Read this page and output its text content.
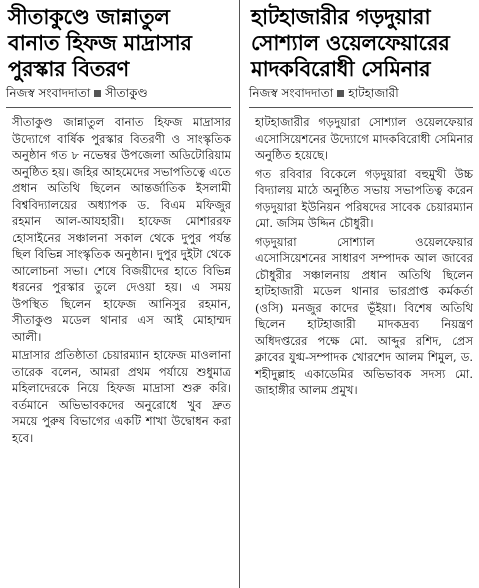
সীতাকুণ্ডে জান্নাতুল
বানাত হিফজ মাদ্রাসার
পুরস্কার বিতরণ
নিজস্ব সংবাদদাতা সীতাকুণ্ড

সীতাকুণ্ড জান্নাতুল বানাত হিফজ মাদ্রাসার উদ্যোগে বার্ষিক পুরস্কার বিতরণী ও সাংস্কৃতিক অনুষ্ঠান গত ৮ নভেম্বর উপজেলা অডিটোরিয়াম অনুষ্ঠিত হয়। জহির আহমেদের সভাপতিত্বে এতে প্রধান অতিথি ছিলেন আন্তর্জাতিক ইসলামী বিশ্ববিদ্যালয়ের অধ্যাপক ড. বিএম মফিজুর রহমান আল-আযহারী। হাফেজ মোশাররফ হোসাইনের সঞ্চালনা সকাল থেকে দুপুর পর্যন্ত ছিল বিভিন্ন সাংস্কৃতিক অনুষ্ঠান। দুপুর দুইটা থেকে আলোচনা সভা। শেষে বিজয়ীদের হাতে বিভিন্ন ধরনের পুরস্কার তুলে দেওয়া হয়। এ সময় উপস্থিত ছিলেন হাফেজ আনিসুর রহমান, সীতাকুণ্ড মডেল থানার এস আই মোহাম্মদ আলী।

মাদ্রাসার প্রতিষ্ঠাতা চেয়ারম্যান হাফেজ মাওলানা তারেক বলেন, আমরা প্রথম পর্যায়ে শুধুমাত্র মহিলাদেরকে নিয়ে হিফজ মাদ্রাসা শুরু করি। বর্তমানে অভিভাবকদের অনুরোধে খুব দ্রুত সময়ে পুরুষ বিভাগের একটি শাখা উদ্বোধন করা হবে।

হাটহাজারীর গড়দুয়ারা
সোশ্যাল ওয়েলফেয়ারের
মাদকবিরোধী সেমিনার
নিজস্ব সংবাদদাতা হাটহাজারী

হাটহাজারীর গড়দুয়ারা সোশ্যাল ওয়েলফেয়ার এসোসিয়েশনের উদ্যোগে মাদকবিরোধী সেমিনার অনুষ্ঠিত হয়েছে।

গত রবিবার বিকেলে গড়দুয়ারা বহুমুখী উচ্চ বিদ্যালয় মাঠে অনুষ্ঠিত সভায় সভাপতিত্ব করেন গড়দুয়ারা ইউনিয়ন পরিষদের সাবেক চেয়ারম্যান মো. জসিম উদ্দিন চৌধুরী।

গড়দুয়ারা সোশ্যাল ওয়েলফেয়ার এসোসিয়েশনের সাধারণ সম্পাদক আল জাবের চৌধুরীর সঞ্চালনায় প্রধান অতিথি ছিলেন হাটহাজারী মডেল থানার ভারপ্রাপ্ত কর্মকর্তা (ওসি) মনজুর কাদের ভূঁইয়া। বিশেষ অতিথি ছিলেন হাটহাজারী মাদকদ্রব্য নিয়ন্ত্রণ অধিদপ্তরের পক্ষে মো. আব্দুর রশিদ, প্রেস ক্লাবের যুগ্ম-সম্পাদক খোরশেদ আলম শিমুল, ড. শহীদুল্লাহ একাডেমির অভিভাবক সদস্য মো. জাহাঙ্গীর আলম প্রমুখ।
